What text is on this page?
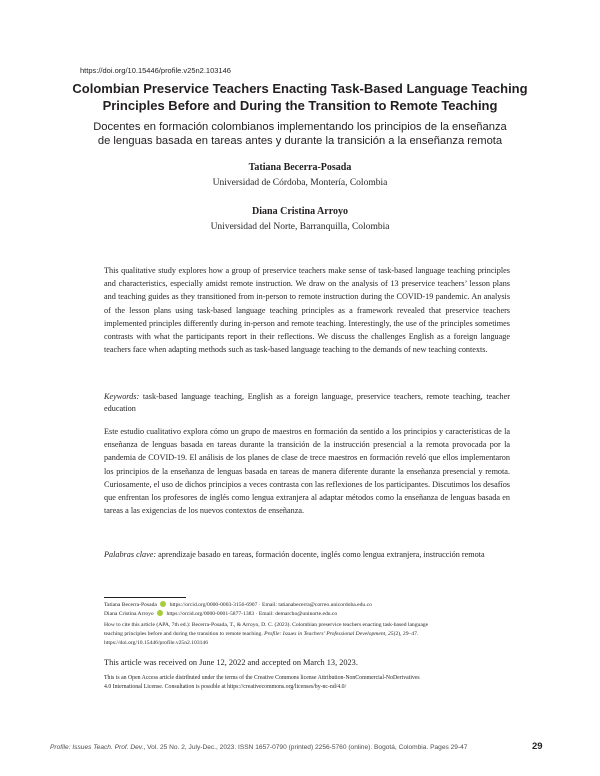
https://doi.org/10.15446/profile.v25n2.103146
Colombian Preservice Teachers Enacting Task-Based Language Teaching
Principles Before and During the Transition to Remote Teaching
Docentes en formación colombianos implementando los principios de la enseñanza
de lenguas basada en tareas antes y durante la transición a la enseñanza remota
Tatiana Becerra-Posada
Universidad de Córdoba, Montería, Colombia
Diana Cristina Arroyo
Universidad del Norte, Barranquilla, Colombia
This qualitative study explores how a group of preservice teachers make sense of task-based language teaching principles and characteristics, especially amidst remote instruction. We draw on the analysis of 13 preservice teachers’ lesson plans and teaching guides as they transitioned from in-person to remote instruction during the COVID-19 pandemic. An analysis of the lesson plans using task-based language teaching principles as a framework revealed that preservice teachers implemented principles differently during in-person and remote teaching. Interestingly, the use of the principles sometimes contrasts with what the participants report in their reflections. We discuss the challenges English as a foreign language teachers face when adapting methods such as task-based language teaching to the demands of new teaching contexts.
Keywords: task-based language teaching, English as a foreign language, preservice teachers, remote teaching, teacher education
Este estudio cualitativo explora cómo un grupo de maestros en formación da sentido a los principios y características de la enseñanza de lenguas basada en tareas durante la transición de la instrucción presencial a la remota provocada por la pandemia de COVID-19. El análisis de los planes de clase de trece maestros en formación reveló que ellos implementaron los principios de la enseñanza de lenguas basada en tareas de manera diferente durante la enseñanza presencial y remota. Curiosamente, el uso de dichos principios a veces contrasta con las reflexiones de los participantes. Discutimos los desafíos que enfrentan los profesores de inglés como lengua extranjera al adaptar métodos como la enseñanza de lenguas basada en tareas a las exigencias de los nuevos contextos de enseñanza.
Palabras clave: aprendizaje basado en tareas, formación docente, inglés como lengua extranjera, instrucción remota
Tatiana Becerra-Posada https://orcid.org/0000-0003-3156-6907 · Email: tatianabecerra@correo.unicordoba.edu.co
Diana Cristina Arroyo https://orcid.org/0000-0001-5877-1383 · Email: demarcho@uninorte.edu.co
How to cite this article (APA, 7th ed.): Becerra-Posada, T., & Arroyo, D. C. (2023). Colombian preservice teachers enacting task-based language
teaching principles before and during the transition to remote teaching. Profile: Issues in Teachers’ Professional Development, 25(2), 29–47.
https://doi.org/10.15446/profile.v25n2.103146
This article was received on June 12, 2022 and accepted on March 13, 2023.
This is an Open Access article distributed under the terms of the Creative Commons license Attribution-NonCommercial-NoDerivatives
4.0 International License. Consultation is possible at https://creativecommons.org/licenses/by-nc-nd/4.0/
Profile: Issues Teach. Prof. Dev., Vol. 25 No. 2, July-Dec., 2023. ISSN 1657-0790 (printed) 2256-5760 (online). Bogotá, Colombia. Pages 29-47	29
